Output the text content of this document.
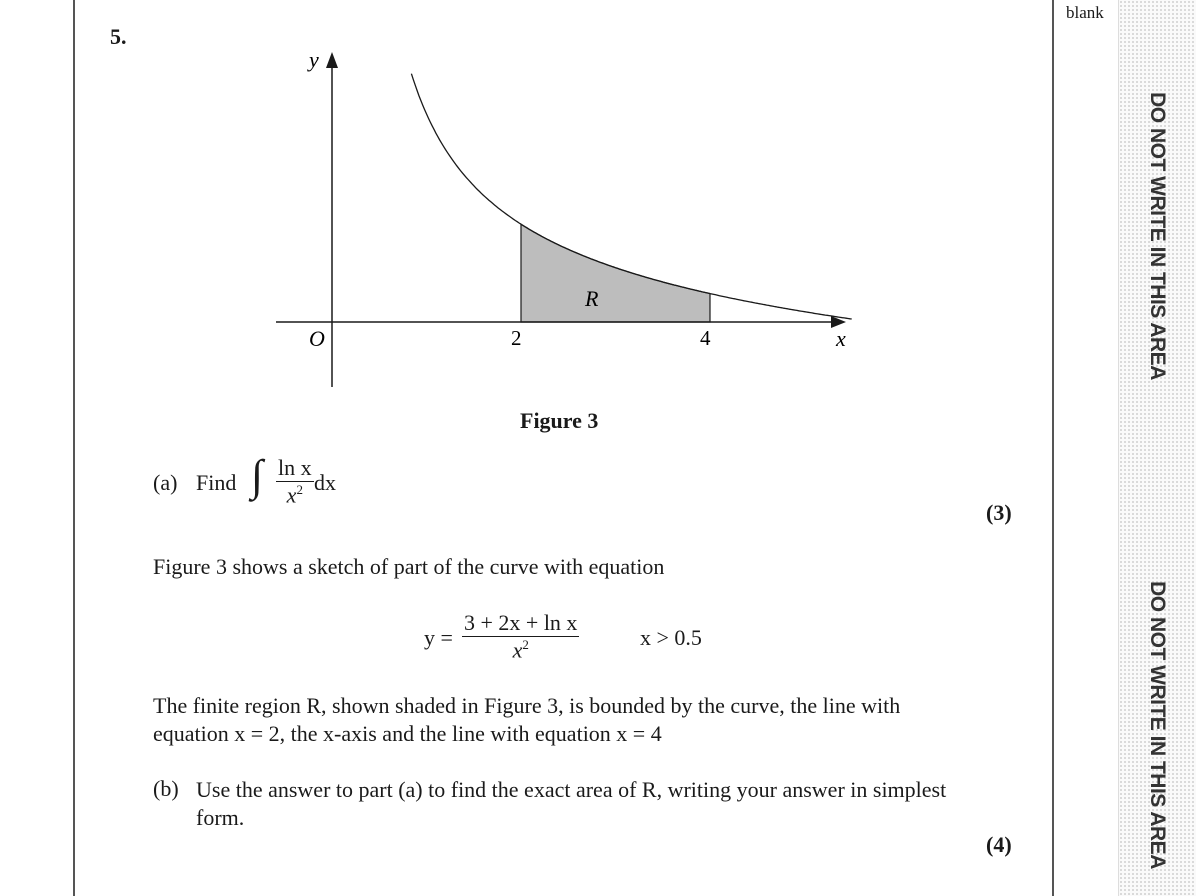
blank
DO NOT WRITE IN THIS AREA
DO NOT WRITE IN THIS AREA
5.
y
O	2	4	x
R
Figure 3
(a) Find ∫ ln x
$x^2$ dx
(3)
Figure 3 shows a sketch of part of the curve with equation
y =
3 + 2x + ln x
$x^2$	x > 0.5
The finite region R, shown shaded in Figure 3, is bounded by the curve, the line with
equation x = 2, the x-axis and the line with equation x = 4
(b) Use the answer to part (a) to find the exact area of R, writing your answer in simplest
form.
(4)
